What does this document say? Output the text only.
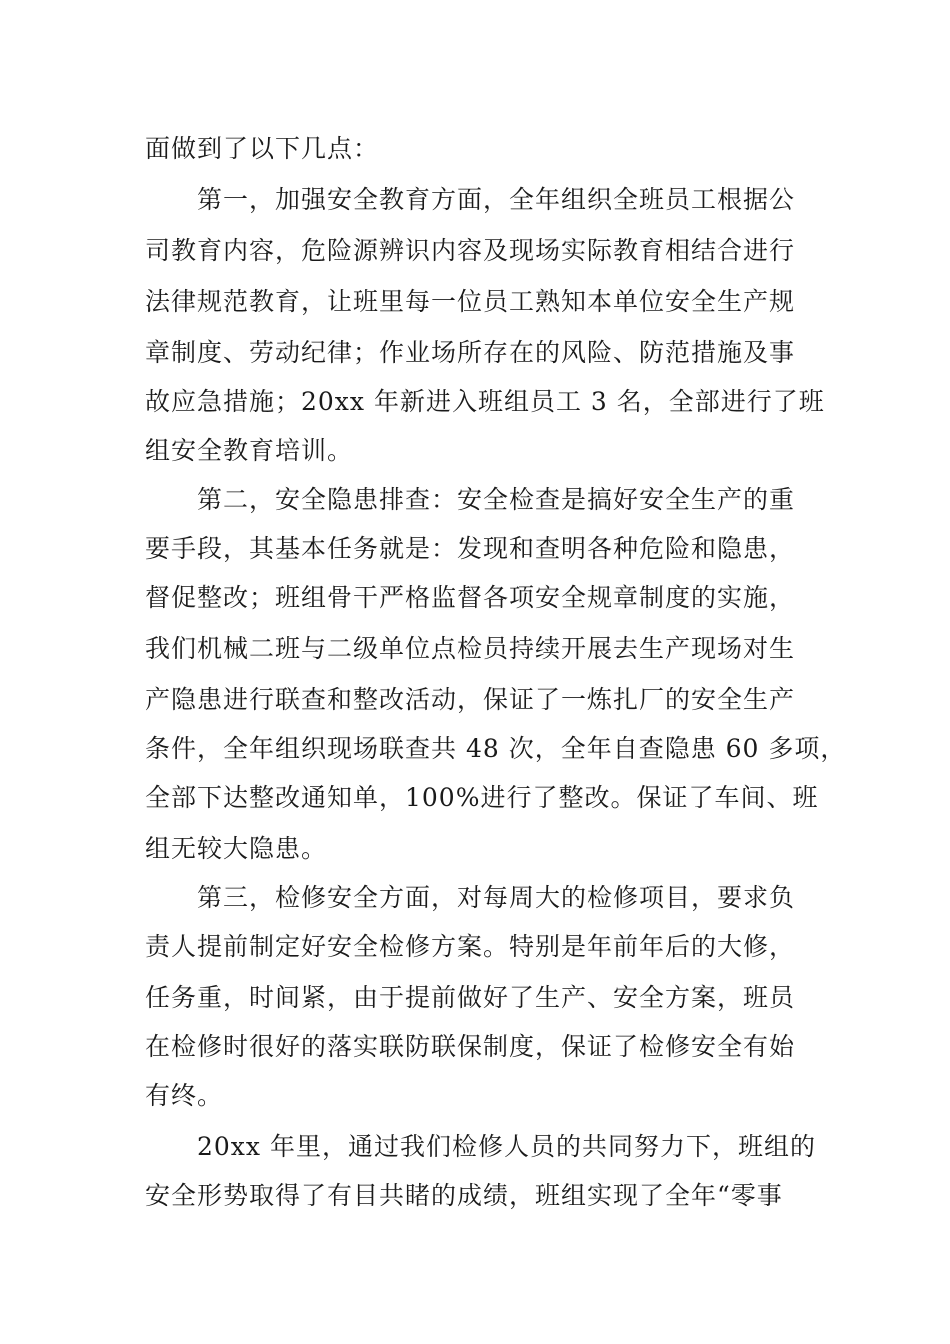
面做到了以下几点：
第一，加强安全教育方面，全年组织全班员工根据公
司教育内容，危险源辨识内容及现场实际教育相结合进行
法律规范教育，让班里每一位员工熟知本单位安全生产规
章制度、劳动纪律；作业场所存在的风险、防范措施及事
故应急措施；20xx 年新进入班组员工 3 名，全部进行了班
组安全教育培训。
第二，安全隐患排查：安全检查是搞好安全生产的重
要手段，其基本任务就是：发现和查明各种危险和隐患，
督促整改；班组骨干严格监督各项安全规章制度的实施，
我们机械二班与二级单位点检员持续开展去生产现场对生
产隐患进行联查和整改活动，保证了一炼扎厂的安全生产
条件，全年组织现场联查共 48 次，全年自查隐患 60 多项，
全部下达整改通知单，100%进行了整改。保证了车间、班
组无较大隐患。
第三，检修安全方面，对每周大的检修项目，要求负
责人提前制定好安全检修方案。特别是年前年后的大修，
任务重，时间紧，由于提前做好了生产、安全方案，班员
在检修时很好的落实联防联保制度，保证了检修安全有始
有终。
20xx 年里，通过我们检修人员的共同努力下，班组的
安全形势取得了有目共睹的成绩，班组实现了全年“零事
